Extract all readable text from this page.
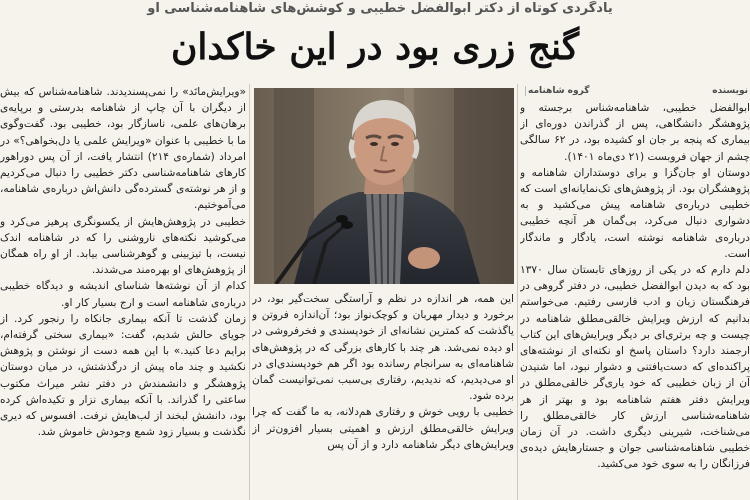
یادگردی کوتاه از دکتر ابوالفضل خطیبی و کوشش‌های شاهنامه‌شناسی او
گنج زری بود در این خاکدان
نویسنده
گروه شاهنامه

ابوالفضل خطیبی، شاهنامه‌شناس برجسته و پژوهشگر دانشگاهی، پس از گذراندن دوره‌ای از بیماری که پنجه بر جان او کشیده بود، در ۶۲ سالگی چشم از جهان فروبست (۲۱ دی‌ماه ۱۴۰۱).

دوستان او جان‌گزا و برای دوستداران شاهنامه و پژوهشگران بود. از پژوهش‌های تک‌نمایانه‌ای است که خطیبی درباره‌ی شاهنامه پیش می‌کشید و به دشواری دنبال می‌کرد، بی‌گمان هر آنچه خطیبی درباره‌ی شاهنامه نوشته است، یادگار و ماندگار است.

دلم دارم که در یکی از روزهای تابستان سال ۱۳۷۰ بود که به دیدن ابوالفضل خطیبی، در دفتر گروهی در فرهنگستان زبان و ادب فارسی رفتیم. می‌خواستم بدانیم که ارزش ویرایش خالقی‌مطلق شاهنامه در چیست و چه برتری‌ای بر دیگر ویرایش‌های این کتاب ارجمند دارد؟ داستان پاسخ او نکته‌ای از نوشته‌های پراکنده‌ای که دست‌یافتنی و دشوار نبود، اما شنیدن آن از زبان خطیبی که خود یاری‌گر خالقی‌مطلق در ویرایش دفتر هفتم شاهنامه بود و بهتر از هر شاهنامه‌شناسی ارزش کار خالقی‌مطلق را می‌شناخت، شیرینی دیگری داشت. در آن زمان خطیبی شاهنامه‌شناسی جوان و جستارهایش دیده‌ی فرزانگان را به سوی خود می‌کشید.

این همه، هر اندازه در نظم و آراستگی سخت‌گیر بود، در برخورد و دیدار مهربان و کوچک‌نواز بود؛ آن‌اندازه فروتن و یاگذشت که کمترین نشانه‌ای از خودپسندی و فخرفروشی در او دیده نمی‌شد. هر چند با کارهای بزرگی که در پژوهش‌های شاهنامه‌ای به سرانجام رسانده بود اگر هم خودپسندی‌ای در او می‌دیدیم، که ندیدیم، رفتاری بی‌سبب نمی‌توانیست گمان برده شود.

خطیبی با رویی خوش و رفتاری هم‌دلانه، به ما گفت که چرا ویرایش خالقی‌مطلق ارزش و اهمیتی بسیار افزون‌تر از ویرایش‌های دیگر شاهنامه دارد و از آن پس

«ویرایش‌مانَد» را نمی‌پسندیدند. شاهنامه‌شناس که بیش از دیگران با آن چاپ از شاهنامه بدرستی و برپایه‌ی برهان‌های علمی، ناسازگار بود، خطیبی بود. گفت‌وگوی ما با خطیبی با عنوان «ویرایش علمی یا دل‌بخواهی؟» در امرداد (شماره‌ی ۲۱۴) انتشار یافت، از آن پس دوراهور کارهای شاهنامه‌شناسی دکتر خطیبی را دنبال می‌کردیم و از هر نوشته‌ی گسترده‌گی دانش‌اش درباره‌ی شاهنامه، می‌آموختیم.

خطیبی در پژوهش‌هایش از یکسونگری پرهیز می‌کرد و می‌کوشید نکته‌های ناروشنی را که در شاهنامه اندک نیست، با تیزبینی و گوهرشناسی بیابد. از او راه همگان از پژوهش‌های او بهره‌مند می‌شدند.

کدام از آن نوشته‌ها شناسای اندیشه و دیدگاه خطیبی درباره‌ی شاهنامه است و ارج بسیار کار او.

زمان گذشت تا آنکه بیماری جانکاه را رنجور کرد. از جویای حالش شدیم، گفت: «بیماری سختی گرفته‌ام، برایم دعا کنید.» با این همه دست از نوشتن و پژوهش نکشید و چند ماه پیش از درگذشتش، در میان دوستان پژوهشگر و دانشمندش در دفتر نشر میراث مکتوب ساعتی را گذراند. با آنکه بیماری نزار و تکیده‌اش کرده بود، دانشش لبخند از لب‌هایش نرفت. افسوس که دیری نگذشت و بسیار زود شمع وجودش خاموش شد.
